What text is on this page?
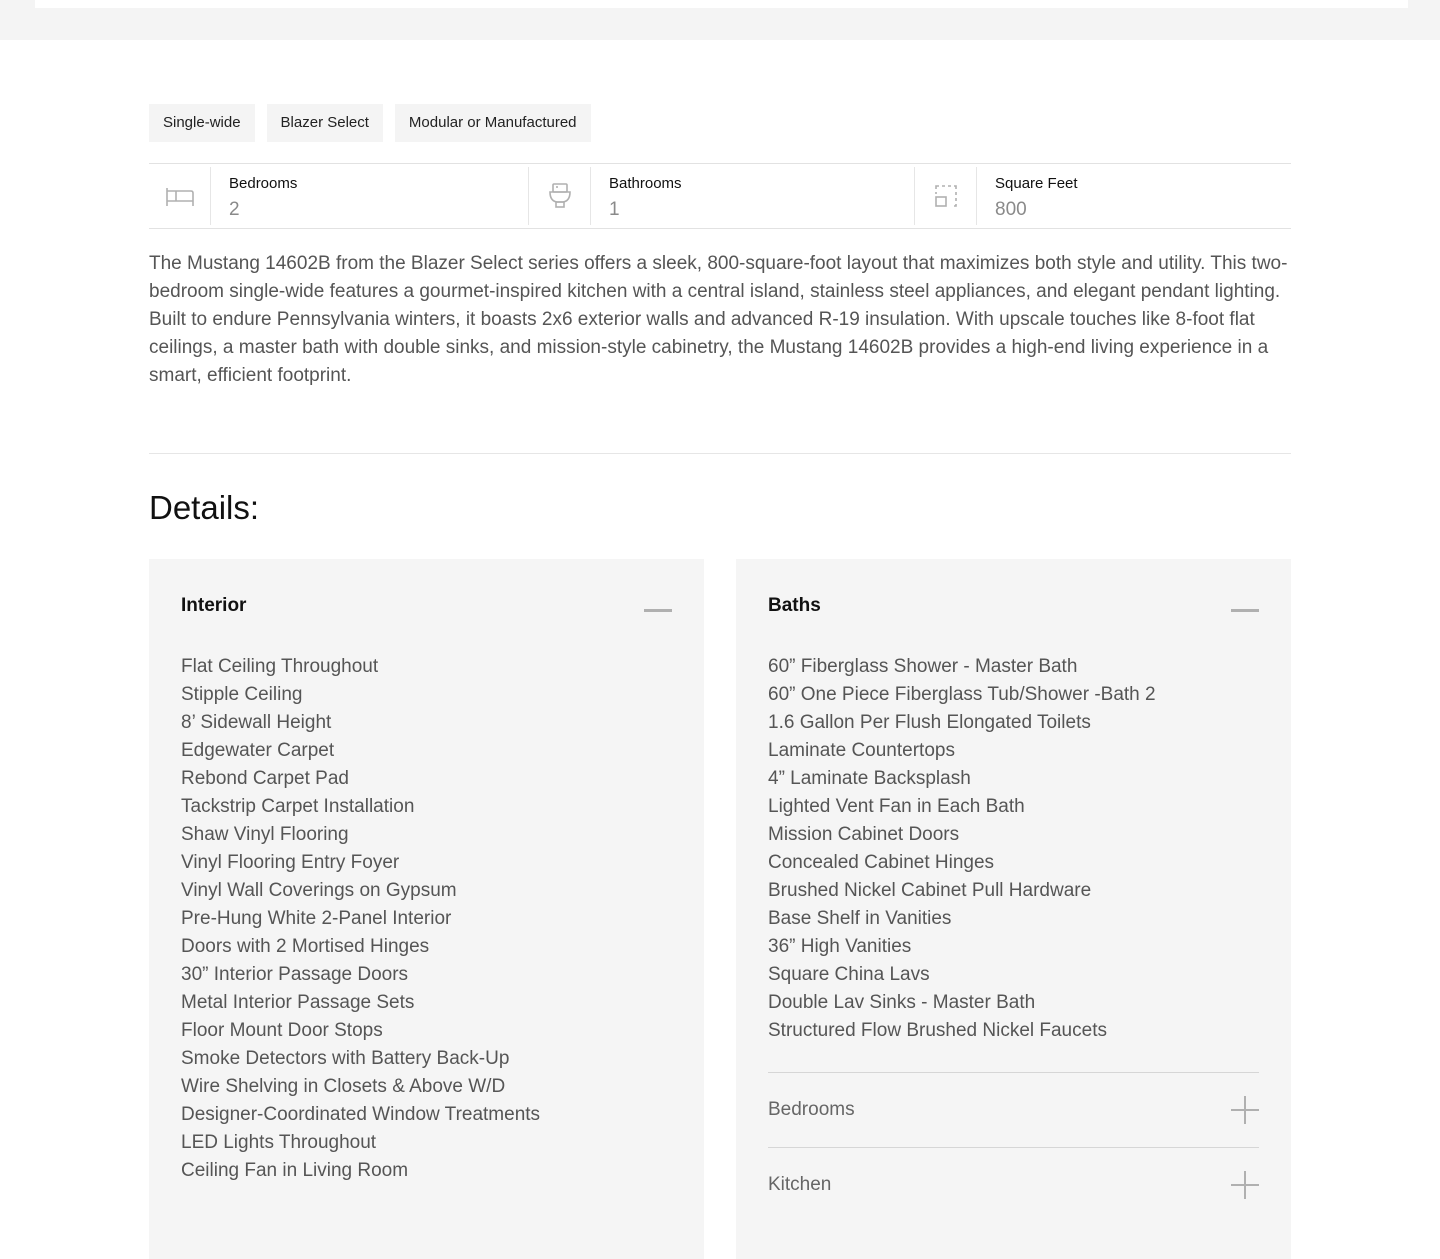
Single-wide	Blazer Select	Modular or Manufactured
Bedrooms
2
Bathrooms
1
Square Feet
800

The Mustang 14602B from the Blazer Select series offers a sleek, 800-square-foot layout that maximizes both style and utility. This two-bedroom single-wide features a gourmet-inspired kitchen with a central island, stainless steel appliances, and elegant pendant lighting. Built to endure Pennsylvania winters, it boasts 2x6 exterior walls and advanced R-19 insulation. With upscale touches like 8-foot flat ceilings, a master bath with double sinks, and mission-style cabinetry, the Mustang 14602B provides a high-end living experience in a smart, efficient footprint.

Details:
Interior
Flat Ceiling Throughout
Stipple Ceiling
8’ Sidewall Height
Edgewater Carpet
Rebond Carpet Pad
Tackstrip Carpet Installation
Shaw Vinyl Flooring
Vinyl Flooring Entry Foyer
Vinyl Wall Coverings on Gypsum
Pre-Hung White 2-Panel Interior
Doors with 2 Mortised Hinges
30” Interior Passage Doors
Metal Interior Passage Sets
Floor Mount Door Stops
Smoke Detectors with Battery Back-Up
Wire Shelving in Closets & Above W/D
Designer-Coordinated Window Treatments
LED Lights Throughout
Ceiling Fan in Living Room
Baths
60” Fiberglass Shower - Master Bath
60” One Piece Fiberglass Tub/Shower -Bath 2
1.6 Gallon Per Flush Elongated Toilets
Laminate Countertops
4” Laminate Backsplash
Lighted Vent Fan in Each Bath
Mission Cabinet Doors
Concealed Cabinet Hinges
Brushed Nickel Cabinet Pull Hardware
Base Shelf in Vanities
36” High Vanities
Square China Lavs
Double Lav Sinks - Master Bath
Structured Flow Brushed Nickel Faucets
Bedrooms
Kitchen
